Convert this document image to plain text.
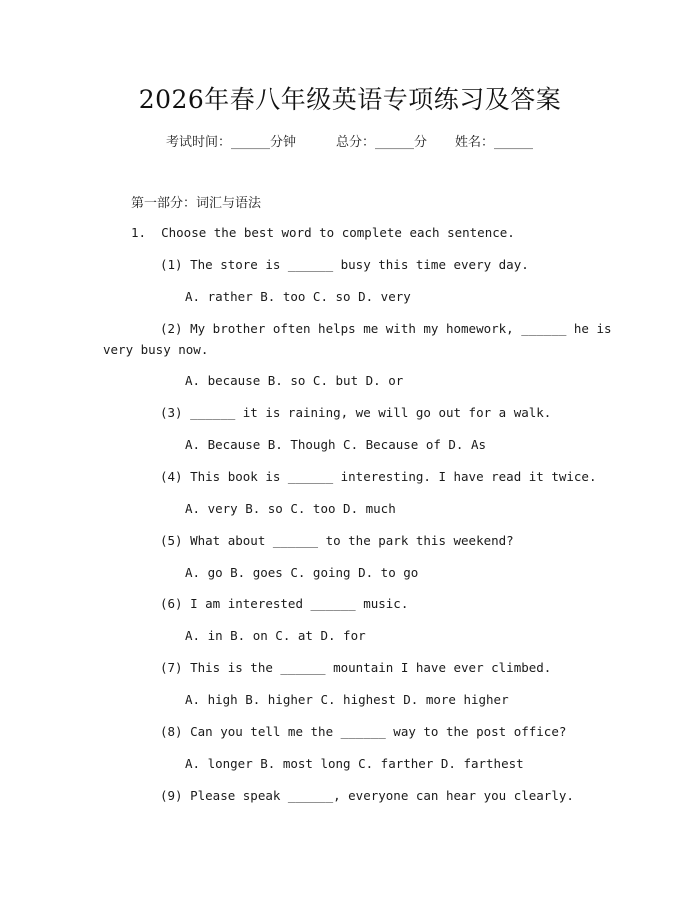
2026年春八年级英语专项练习及答案
考试时间：______分钟	总分：______分 姓名：______
第一部分：词汇与语法
1.  Choose the best word to complete each sentence.
(1) The store is ______ busy this time every day.
A. rather B. too C. so D. very
(2) My brother often helps me with my homework, ______ he is
very busy now.
A. because B. so C. but D. or
(3) ______ it is raining, we will go out for a walk.
A. Because B. Though C. Because of D. As
(4) This book is ______ interesting. I have read it twice.
A. very B. so C. too D. much
(5) What about ______ to the park this weekend?
A. go B. goes C. going D. to go
(6) I am interested ______ music.
A. in B. on C. at D. for
(7) This is the ______ mountain I have ever climbed.
A. high B. higher C. highest D. more higher
(8) Can you tell me the ______ way to the post office?
A. longer B. most long C. farther D. farthest
(9) Please speak ______, everyone can hear you clearly.
